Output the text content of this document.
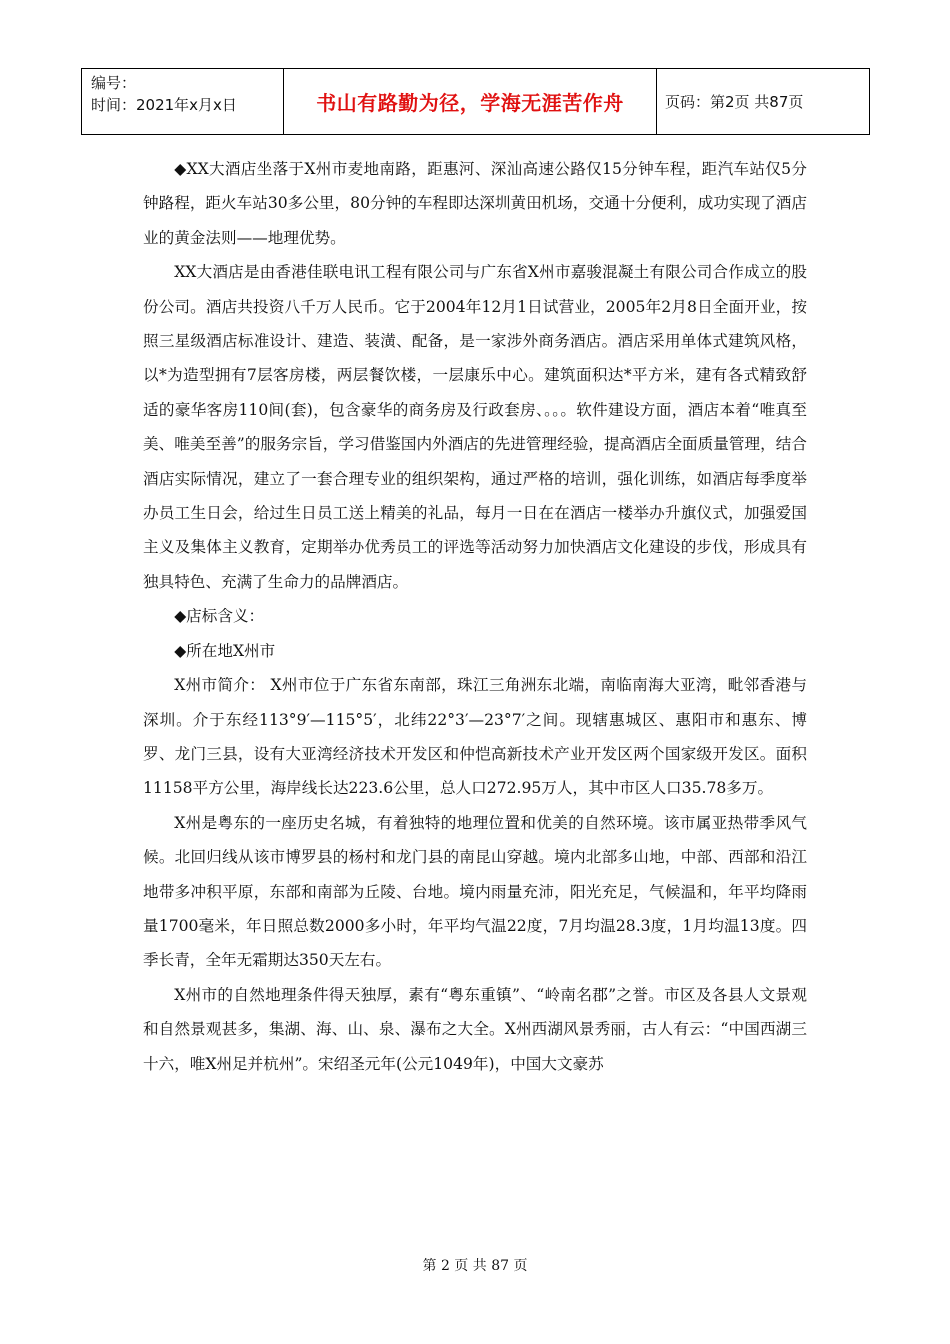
编号：
时间：2021年x月x日	书山有路勤为径，学海无涯苦作舟	页码：第2页 共87页

◆XX大酒店坐落于X州市麦地南路，距惠河、深汕高速公路仅15分钟车程，距汽车站仅5分钟路程，距火车站30多公里，80分钟的车程即达深圳黄田机场，交通十分便利，成功实现了酒店业的黄金法则——地理优势。

XX大酒店是由香港佳联电讯工程有限公司与广东省X州市嘉骏混凝土有限公司合作成立的股份公司。酒店共投资八千万人民币。它于2004年12月1日试营业，2005年2月8日全面开业，按照三星级酒店标准设计、建造、装潢、配备，是一家涉外商务酒店。酒店采用单体式建筑风格，以*为造型拥有7层客房楼，两层餐饮楼，一层康乐中心。建筑面积达*平方米，建有各式精致舒适的豪华客房110间(套)，包含豪华的商务房及行政套房、。。。软件建设方面，酒店本着“唯真至美、唯美至善”的服务宗旨，学习借鉴国内外酒店的先进管理经验，提高酒店全面质量管理，结合酒店实际情况，建立了一套合理专业的组织架构，通过严格的培训，强化训练，如酒店每季度举办员工生日会，给过生日员工送上精美的礼品，每月一日在在酒店一楼举办升旗仪式，加强爱国主义及集体主义教育，定期举办优秀员工的评选等活动努力加快酒店文化建设的步伐，形成具有独具特色、充满了生命力的品牌酒店。

◆店标含义：

◆所在地X州市

X州市简介： X州市位于广东省东南部，珠江三角洲东北端，南临南海大亚湾，毗邻香港与深圳。介于东经113°9′—115°5′，北纬22°3′—23°7′之间。现辖惠城区、惠阳市和惠东、博罗、龙门三县，设有大亚湾经济技术开发区和仲恺高新技术产业开发区两个国家级开发区。面积11158平方公里，海岸线长达223.6公里，总人口272.95万人，其中市区人口35.78多万。

X州是粤东的一座历史名城，有着独特的地理位置和优美的自然环境。该市属亚热带季风气候。北回归线从该市博罗县的杨村和龙门县的南昆山穿越。境内北部多山地，中部、西部和沿江地带多冲积平原，东部和南部为丘陵、台地。境内雨量充沛，阳光充足，气候温和，年平均降雨量1700毫米，年日照总数2000多小时，年平均气温22度，7月均温28.3度，1月均温13度。四季长青，全年无霜期达350天左右。

X州市的自然地理条件得天独厚，素有“粤东重镇”、“岭南名郡”之誉。市区及各县人文景观和自然景观甚多，集湖、海、山、泉、瀑布之大全。X州西湖风景秀丽，古人有云：“中国西湖三十六，唯X州足并杭州”。宋绍圣元年(公元1049年)，中国大文豪苏

第 2 页 共 87 页
